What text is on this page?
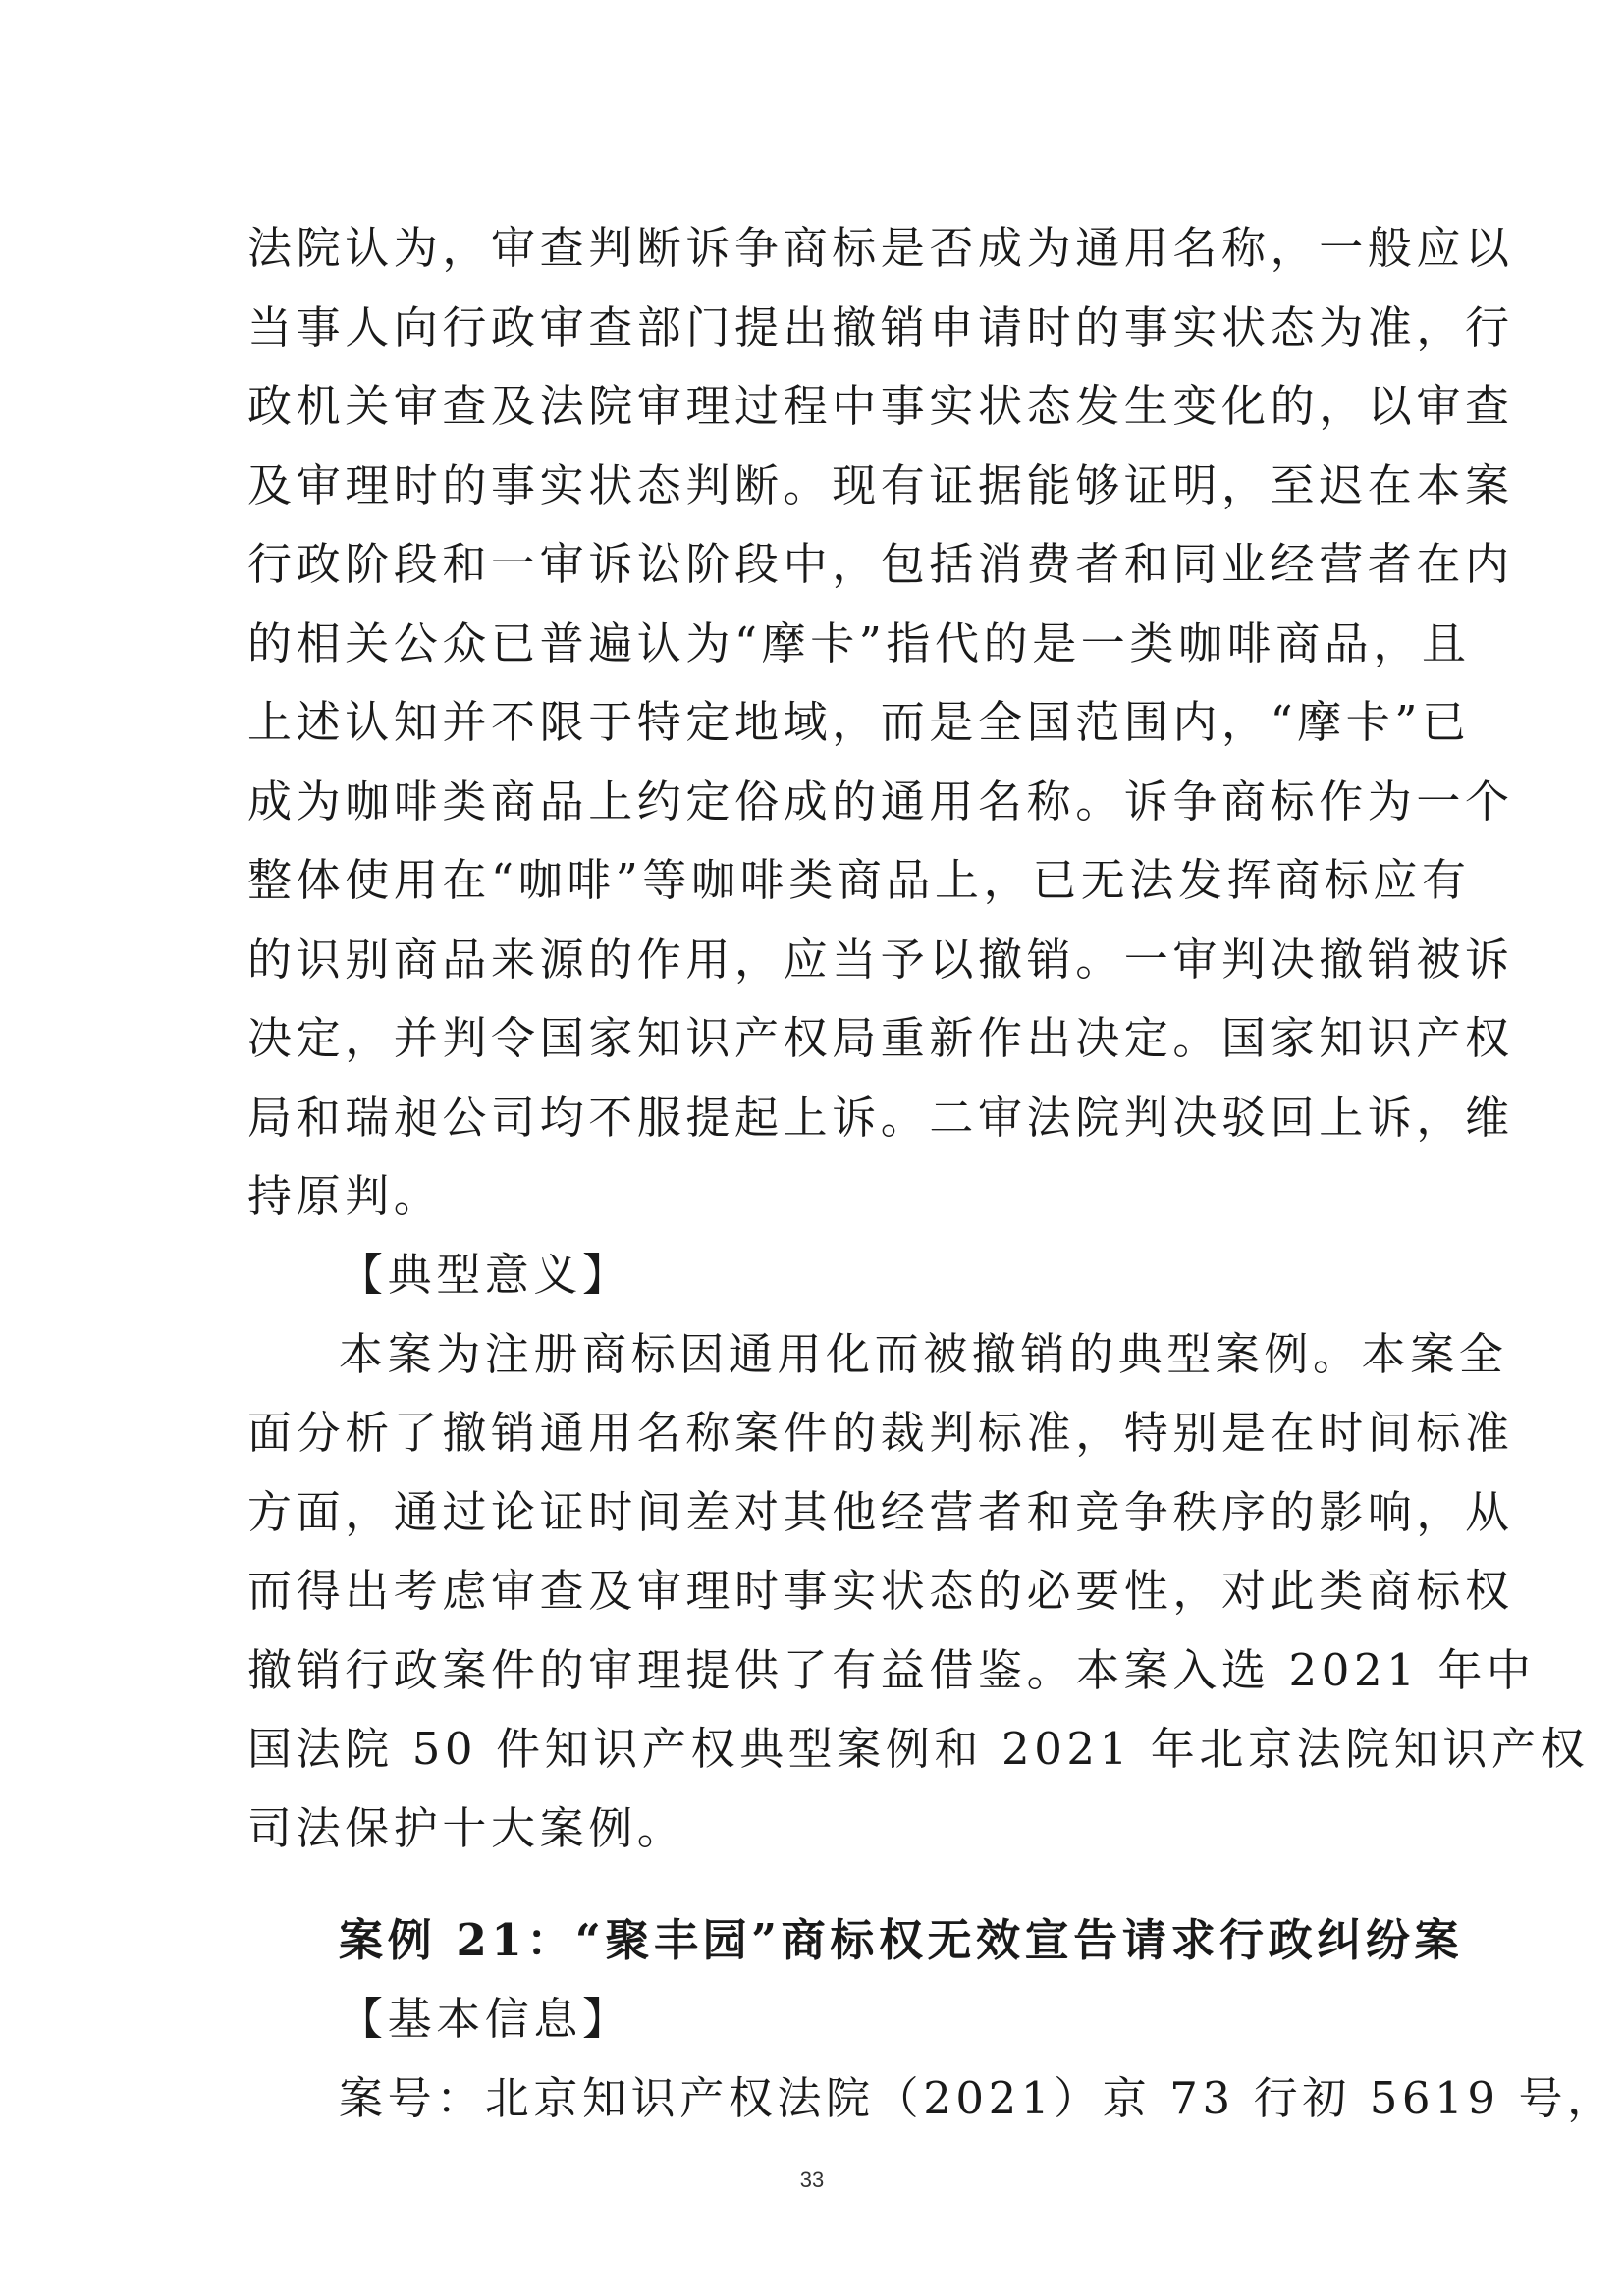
法院认为，审查判断诉争商标是否成为通用名称，一般应以
当事人向行政审查部门提出撤销申请时的事实状态为准，行
政机关审查及法院审理过程中事实状态发生变化的，以审查
及审理时的事实状态判断。现有证据能够证明，至迟在本案
行政阶段和一审诉讼阶段中，包括消费者和同业经营者在内
的相关公众已普遍认为“摩卡”指代的是一类咖啡商品，且
上述认知并不限于特定地域，而是全国范围内，“摩卡”已
成为咖啡类商品上约定俗成的通用名称。诉争商标作为一个
整体使用在“咖啡”等咖啡类商品上，已无法发挥商标应有
的识别商品来源的作用，应当予以撤销。一审判决撤销被诉
决定，并判令国家知识产权局重新作出决定。国家知识产权
局和瑞昶公司均不服提起上诉。二审法院判决驳回上诉，维
持原判。
【典型意义】
本案为注册商标因通用化而被撤销的典型案例。本案全
面分析了撤销通用名称案件的裁判标准，特别是在时间标准
方面，通过论证时间差对其他经营者和竞争秩序的影响，从
而得出考虑审查及审理时事实状态的必要性，对此类商标权
撤销行政案件的审理提供了有益借鉴。本案入选 2021 年中
国法院 50 件知识产权典型案例和 2021 年北京法院知识产权
司法保护十大案例。
案例 21：“聚丰园”商标权无效宣告请求行政纠纷案
【基本信息】
案号：北京知识产权法院（2021）京 73 行初 5619 号，
33
